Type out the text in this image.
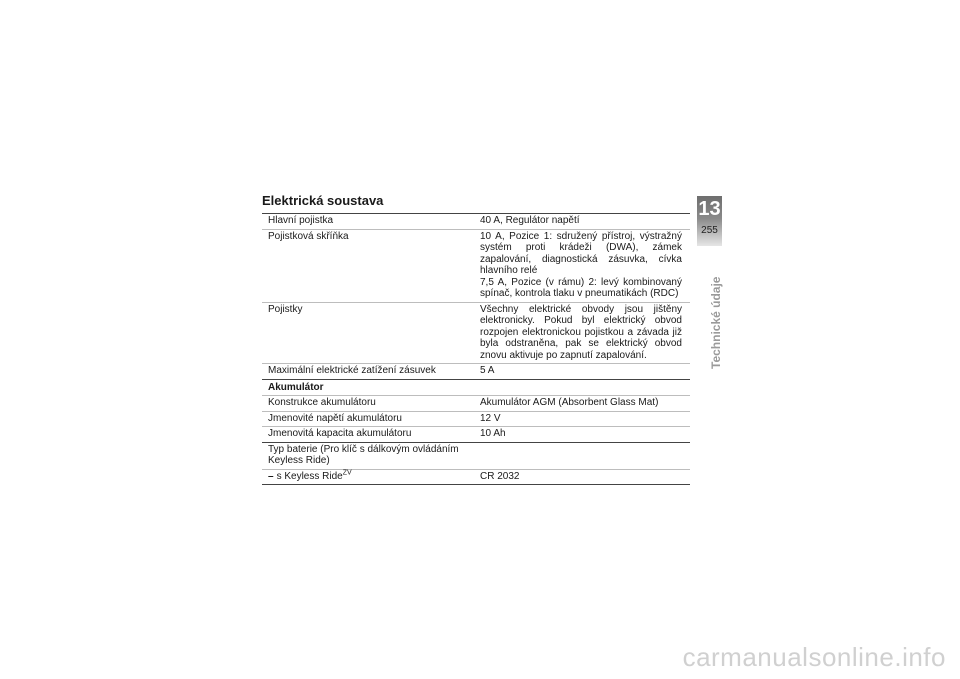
Elektrická soustava
Hlavní pojistka	40 A, Regulátor napětí
Pojistková skříňka	10 A, Pozice 1: sdružený přístroj, výstražný systém proti krádeži (DWA), zámek zapalování, diagnostická zásuvka, cívka hlavního relé
7,5 A, Pozice (v rámu) 2: levý kombinovaný spínač, kontrola tlaku v pneumatikách (RDC)
Pojistky	Všechny elektrické obvody jsou jištěny elektronicky. Pokud byl elektrický obvod rozpojen elektronickou pojistkou a závada již byla odstraněna, pak se elektrický obvod znovu aktivuje po zapnutí zapalování.
Maximální elektrické zatížení zásuvek	5 A
Akumulátor
Konstrukce akumulátoru	Akumulátor AGM (Absorbent Glass Mat)
Jmenovité napětí akumulátoru	12 V
Jmenovitá kapacita akumulátoru	10 Ah
Typ baterie (Pro klíč s dálkovým ovládáním Keyless Ride)
– s Keyless Ride$^{ZV}$	CR 2032
13
255
Technické údaje
carmanualsonline.info
